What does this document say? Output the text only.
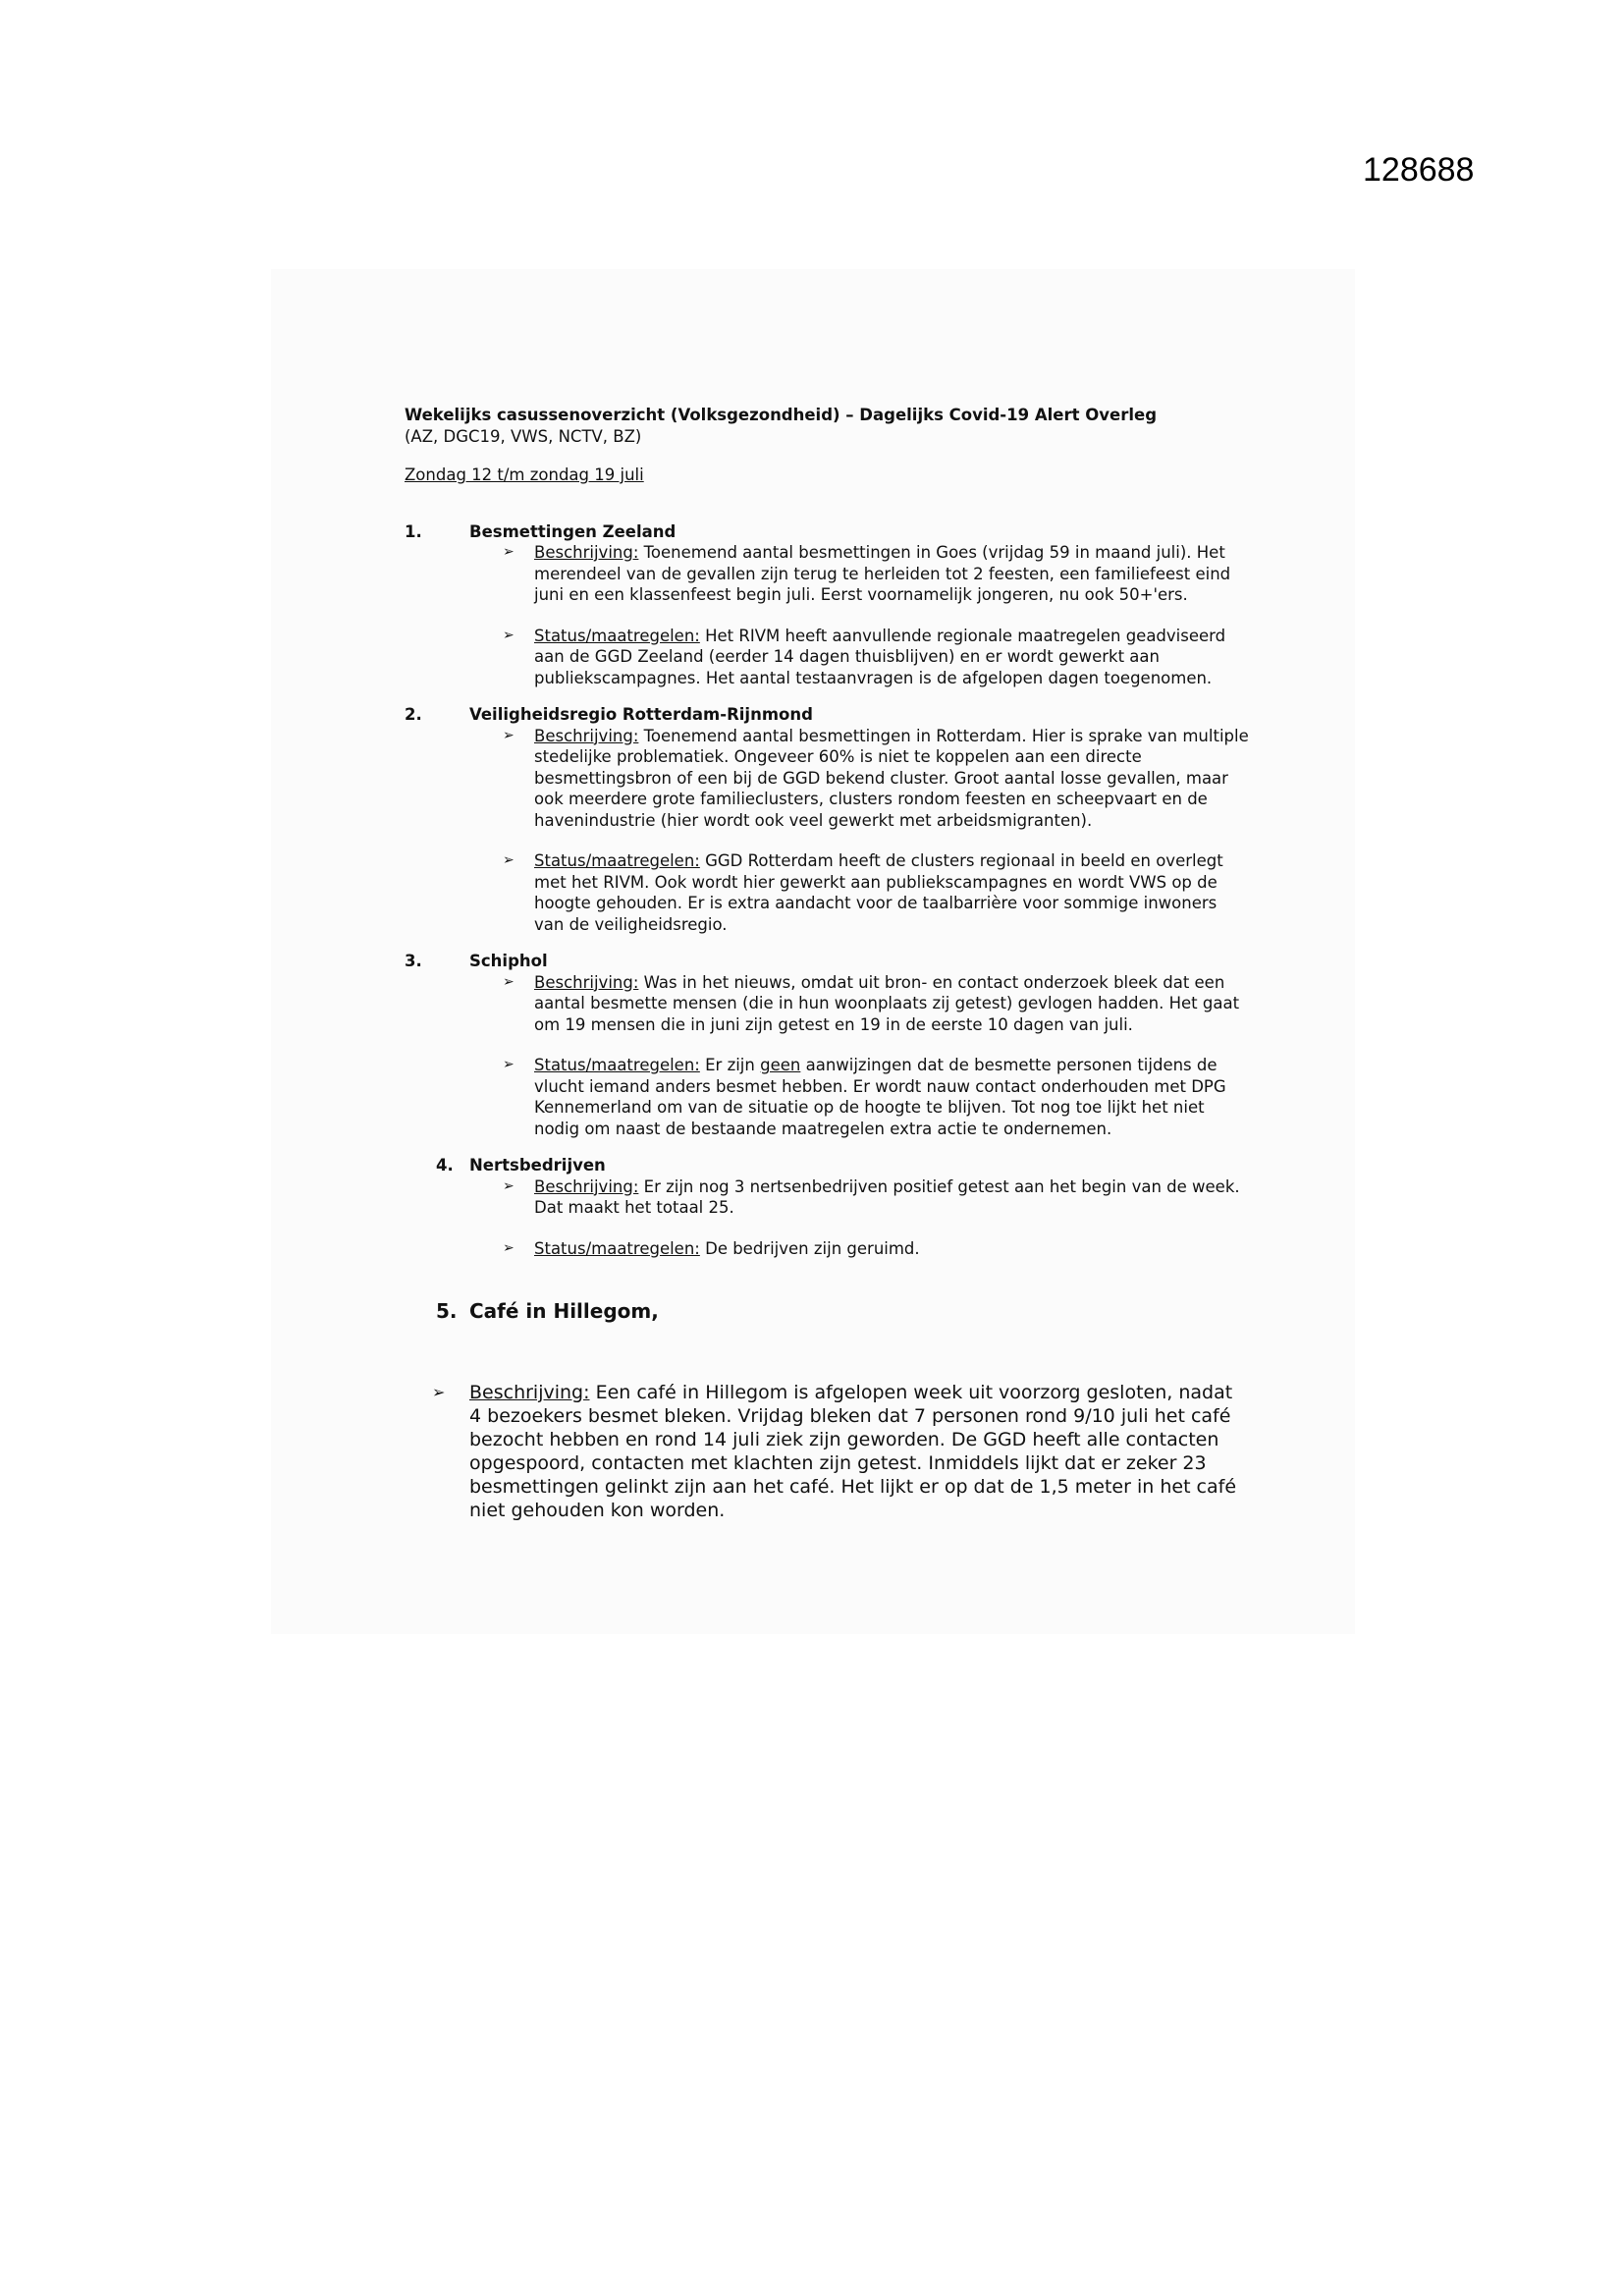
128688
Wekelijks casussenoverzicht (Volksgezondheid) – Dagelijks Covid-19 Alert Overleg
(AZ, DGC19, VWS, NCTV, BZ)
Zondag 12 t/m zondag 19 juli
1.	Besmettingen Zeeland
➢	Beschrijving: Toenemend aantal besmettingen in Goes (vrijdag 59 in maand juli). Het merendeel van de gevallen zijn terug te herleiden tot 2 feesten, een familiefeest eind juni en een klassenfeest begin juli. Eerst voornamelijk jongeren, nu ook 50+'ers.
➢	Status/maatregelen: Het RIVM heeft aanvullende regionale maatregelen geadviseerd aan de GGD Zeeland (eerder 14 dagen thuisblijven) en er wordt gewerkt aan publiekscampagnes. Het aantal testaanvragen is de afgelopen dagen toegenomen.
2.	Veiligheidsregio Rotterdam-Rijnmond
➢	Beschrijving: Toenemend aantal besmettingen in Rotterdam. Hier is sprake van multiple stedelijke problematiek. Ongeveer 60% is niet te koppelen aan een directe besmettingsbron of een bij de GGD bekend cluster. Groot aantal losse gevallen, maar ook meerdere grote familieclusters, clusters rondom feesten en scheepvaart en de havenindustrie (hier wordt ook veel gewerkt met arbeidsmigranten).
➢	Status/maatregelen: GGD Rotterdam heeft de clusters regionaal in beeld en overlegt met het RIVM. Ook wordt hier gewerkt aan publiekscampagnes en wordt VWS op de hoogte gehouden. Er is extra aandacht voor de taalbarrière voor sommige inwoners van de veiligheidsregio.
3.	Schiphol
➢	Beschrijving: Was in het nieuws, omdat uit bron- en contact onderzoek bleek dat een aantal besmette mensen (die in hun woonplaats zij getest) gevlogen hadden. Het gaat om 19 mensen die in juni zijn getest en 19 in de eerste 10 dagen van juli.
➢	Status/maatregelen: Er zijn geen aanwijzingen dat de besmette personen tijdens de vlucht iemand anders besmet hebben. Er wordt nauw contact onderhouden met DPG Kennemerland om van de situatie op de hoogte te blijven. Tot nog toe lijkt het niet nodig om naast de bestaande maatregelen extra actie te ondernemen.
4. Nertsbedrijven
➢	Beschrijving: Er zijn nog 3 nertsenbedrijven positief getest aan het begin van de week. Dat maakt het totaal 25.
➢	Status/maatregelen: De bedrijven zijn geruimd.
5. Café in Hillegom,
➢	Beschrijving: Een café in Hillegom is afgelopen week uit voorzorg gesloten, nadat 4 bezoekers besmet bleken. Vrijdag bleken dat 7 personen rond 9/10 juli het café bezocht hebben en rond 14 juli ziek zijn geworden. De GGD heeft alle contacten opgespoord, contacten met klachten zijn getest. Inmiddels lijkt dat er zeker 23 besmettingen gelinkt zijn aan het café. Het lijkt er op dat de 1,5 meter in het café niet gehouden kon worden.
